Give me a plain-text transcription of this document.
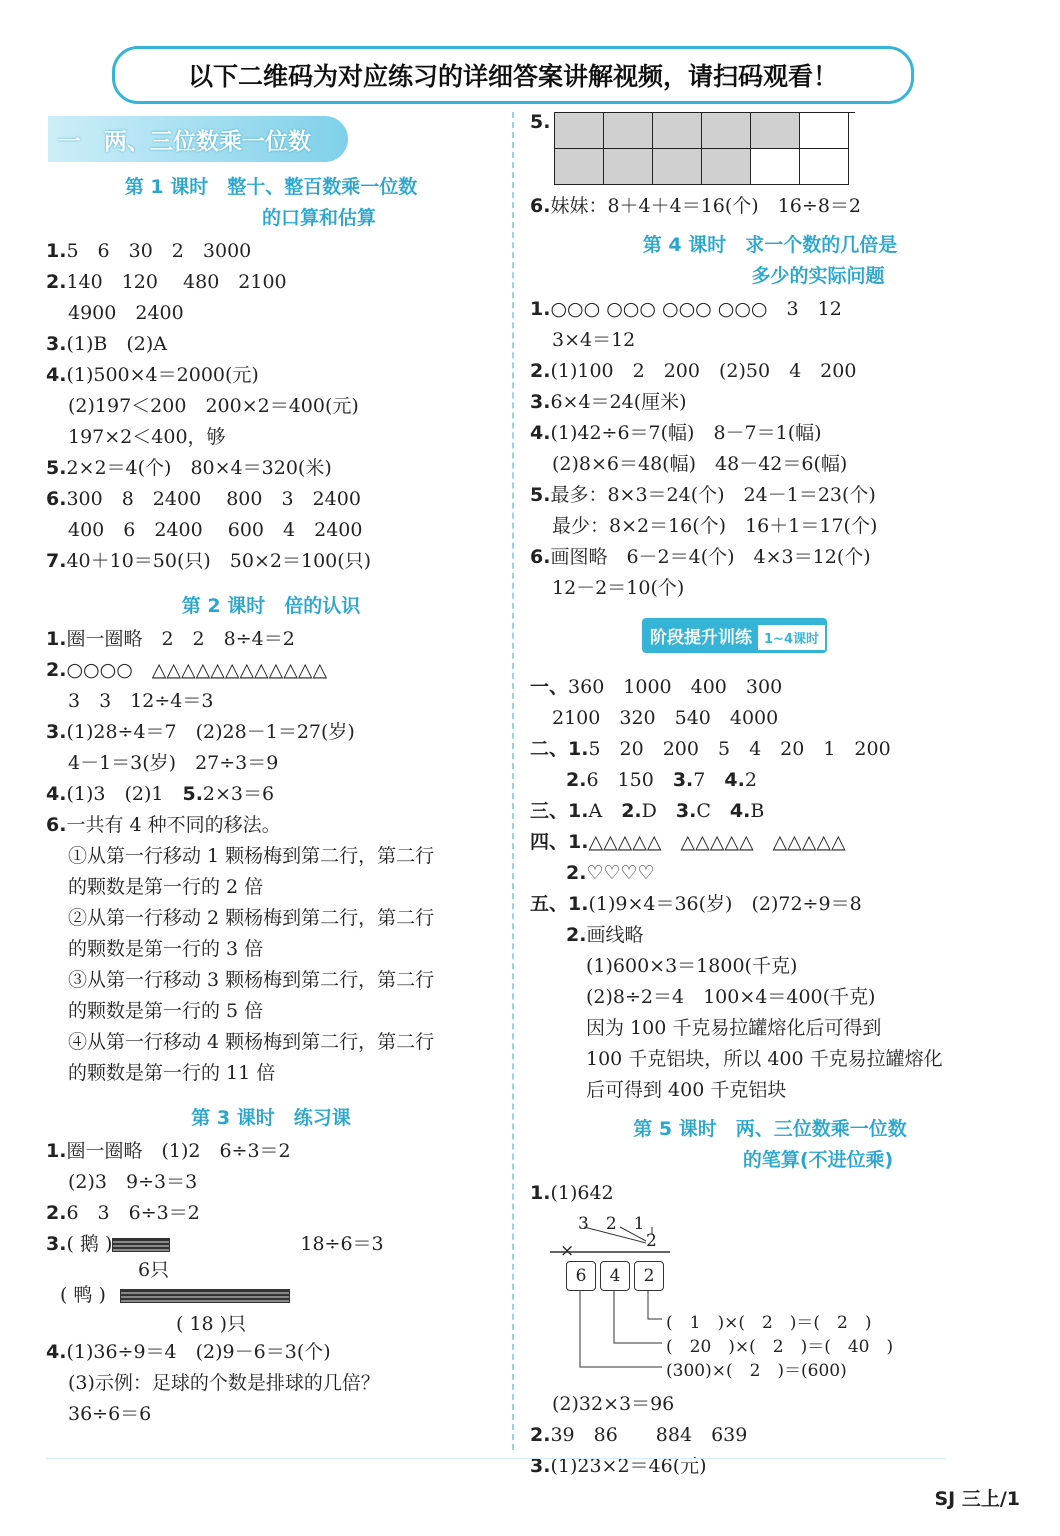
以下二维码为对应练习的详细答案讲解视频，请扫码观看！
一　两、三位数乘一位数
第 1 课时　整十、整百数乘一位数
的口算和估算
1.5　6　30　2　3000
2.140　120　 480　2100
4900　2400
3.(1)B　(2)A
4.(1)500×4＝2000(元)
(2)197＜200　200×2＝400(元)
197×2＜400，够
5.2×2＝4(个)　80×4＝320(米)
6.300　8　2400　 800　3　2400
400　6　2400　 600　4　2400
7.40＋10＝50(只)　50×2＝100(只)
第 2 课时　倍的认识
1.圈一圈略　2　2　8÷4＝2
2.○○○○　△△△△△△△△△△△△
3　3　12÷4＝3
3.(1)28÷4＝7　(2)28－1＝27(岁)
4－1＝3(岁)　27÷3＝9
4.(1)3　(2)1　5.2×3＝6
6.一共有 4 种不同的移法。
①从第一行移动 1 颗杨梅到第二行，第二行
的颗数是第一行的 2 倍
②从第一行移动 2 颗杨梅到第二行，第二行
的颗数是第一行的 3 倍
③从第一行移动 3 颗杨梅到第二行，第二行
的颗数是第一行的 5 倍
④从第一行移动 4 颗杨梅到第二行，第二行
的颗数是第一行的 11 倍
第 3 课时　练习课
1.圈一圈略　(1)2　6÷3＝2
(2)3　9÷3＝3
2.6　3　6÷3＝2
3.( 鹅 )	18÷6＝3
6只
( 鸭 )
( 18 )只
4.(1)36÷9＝4　(2)9－6＝3(个)
(3)示例：足球的个数是排球的几倍？
36÷6＝6
5.
6.妹妹：8＋4＋4＝16(个)　16÷8＝2
第 4 课时　求一个数的几倍是
多少的实际问题
1.○○○ ○○○ ○○○ ○○○　3　12
3×4＝12
2.(1)100　2　200　(2)50　4　200
3.6×4＝24(厘米)
4.(1)42÷6＝7(幅)　8－7＝1(幅)
(2)8×6＝48(幅)　48－42＝6(幅)
5.最多：8×3＝24(个)　24－1＝23(个)
最少：8×2＝16(个)　16＋1＝17(个)
6.画图略　6－2＝4(个)　4×3＝12(个)
12－2＝10(个)
阶段提升训练 1~4课时
一、360　1000　400　300
2100　320　540　4000
二、1.5　20　200　5　4　20　1　200
2.6　150　3.7　4.2
三、1.A　2.D　3.C　4.B
四、1.△△△△△　△△△△△　△△△△△
2.♡♡♡♡
五、1.(1)9×4＝36(岁)　(2)72÷9＝8
2.画线略
(1)600×3＝1800(千克)
(2)8÷2＝4　100×4＝400(千克)
因为 100 千克易拉罐熔化后可得到
100 千克铝块，所以 400 千克易拉罐熔化
后可得到 400 千克铝块
第 5 课时　两、三位数乘一位数
的笔算(不进位乘)
1.(1)642
3　2　1
×	2
6	4	2
(　1　)×(　2　)＝(　2　)
(　20　)×(　2　)＝(　40　)
(300)×(　2　)＝(600)
(2)32×3＝96
2.39　86　　884　639
3.(1)23×2＝46(元)
SJ 三上/1
